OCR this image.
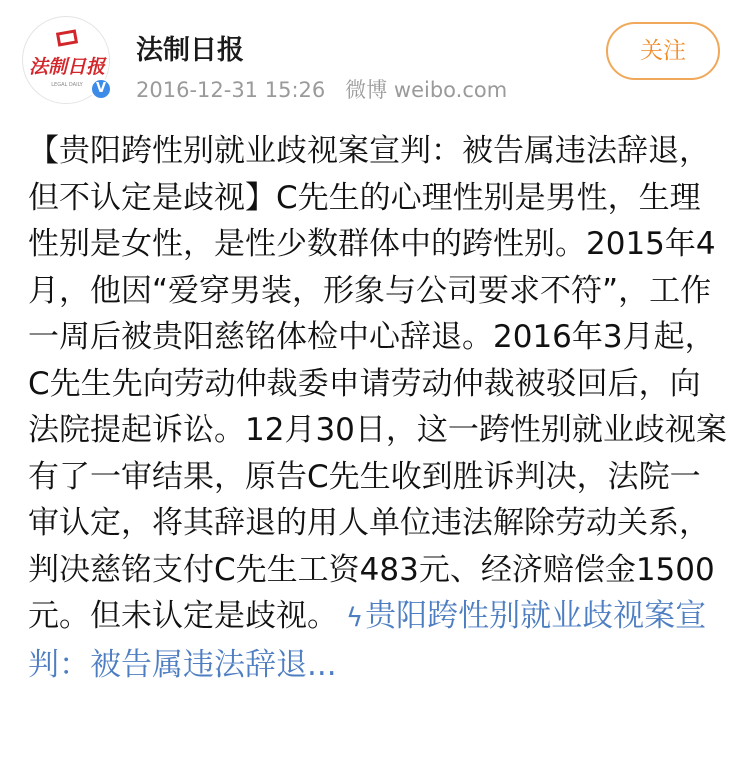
法制日报
LEGAL DAILY	V
法制日报
2016-12-31 15:26 微博 weibo.com
关注
【贵阳跨性别就业歧视案宣判：被告属违法辞退，但不认定是歧视】C先生的心理性别是男性，生理性别是女性，是性少数群体中的跨性别。2015年4月，他因“爱穿男装，形象与公司要求不符”，工作一周后被贵阳慈铭体检中心辞退。2016年3月起，C先生先向劳动仲裁委申请劳动仲裁被驳回后，向法院提起诉讼。12月30日，这一跨性别就业歧视案有了一审结果，原告C先生收到胜诉判决，法院一审认定，将其辞退的用人单位违法解除劳动关系，判决慈铭支付C先生工资483元、经济赔偿金1500元。但未认定是歧视。 ϟ贵阳跨性别就业歧视案宣判：被告属违法辞退...
